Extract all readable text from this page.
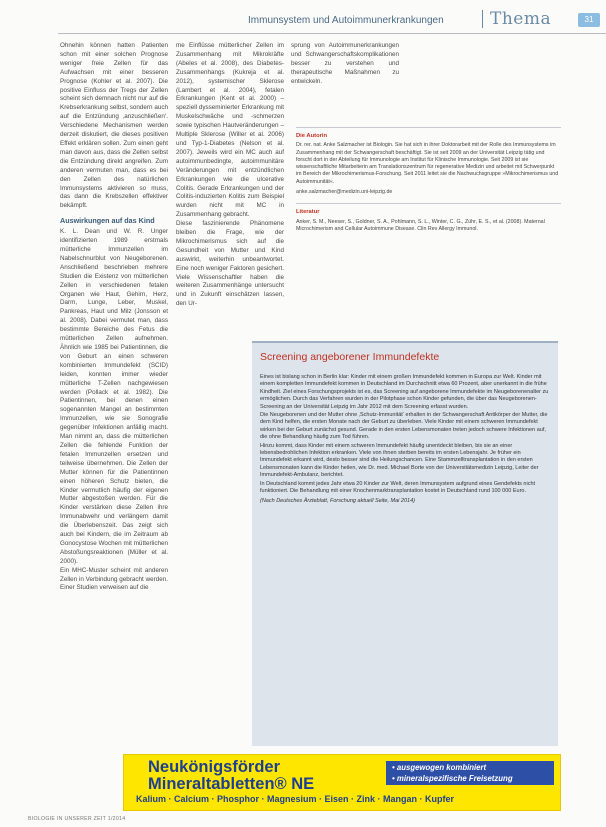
Immunsystem und Autoimmunerkrankungen	Thema	31

Ohnehin können hatten Patienten schon mit einer solchen Prognose weniger freie Zellen für das Aufwachsen mit einer besseren Prognose (Kohler et al. 2007). Die positive Einfluss der Tregs der Zellen scheint sich demnach nicht nur auf die Krebserkrankung selbst, sondern auch auf die Entzündung ‚anzuschließen‘. Verschiedene Mechanismen werden derzeit diskutiert, die dieses positiven Effekt erklären sollen. Zum einen geht man davon aus, dass die Zellen selbst die Entzündung direkt angreifen. Zum anderen vermuten man, dass es bei den Zellen des natürlichen Immunsystems aktivieren so muss, das dann die Krebszellen effektiver bekämpft.

Auswirkungen auf das Kind

K. L. Dean und W. R. Unger identifizierten 1989 erstmals mütterliche Immunzellen im Nabelschnurblut von Neugeborenen. Anschließend beschrieben mehrere Studien die Existenz von mütterlichen Zellen in verschiedenen fetalen Organen wie Haut, Gehirn, Herz, Darm, Lunge, Leber, Muskel, Pankreas, Haut und Milz (Jonsson et al. 2008). Dabei vermutet man, dass bestimmte Bereiche des Fetus die mütterlichen Zellen aufnehmen. Ähnlich wie 1985 bei Patientinnen, die von Geburt an einen schweren kombinierten Immundefekt (SCID) leiden, konnten immer wieder mütterliche T-Zellen nachgewiesen werden (Pollack et al. 1982). Die Patientinnen, bei denen einen sogenannten Mangel an bestimmten Immunzellen, wie sie Sonografie gegenüber Infektionen anfällig macht. Man nimmt an, dass die mütterlichen Zellen die fehlende Funktion der fetalen Immunzellen ersetzen und teilweise übernehmen. Die Zellen der Mutter können für die Patientinnen einen höheren Schutz bieten, die Kinder vermutlich häufig der eigenen Mutter abgestoßen werden. Für die Kinder verstärken diese Zellen ihre Immunabwehr und verlängern damit die Überlebenszeit. Das zeigt sich auch bei Kindern, die im Zeitraum ab Gonocystose Wochen mit mütterlichen Abstoßungsreaktionen (Müller et al. 2000).

Ein MHC-Muster scheint mit anderen Zellen in Verbindung gebracht werden. Einer Studien verweisen auf die

me Einflüsse mütterlicher Zellen im Zusammenhang mit Mikrokräfte (Abeles et al. 2008), des Diabetes-Zusammenhangs (Kukreja et al. 2012), systemischer Sklerose (Lambert et al. 2004), fetalen Erkrankungen (Kent et al. 2000) – speziell dysseminierter Erkrankung mit Muskelschwäche und -schmerzen sowie typischen Hautveränderungen – Multiple Sklerose (Willer et al. 2006) und Typ-1-Diabetes (Nelson et al. 2007). Jeweils wird ein MC auch auf autoimmunbedingte, autoimmunitäre Veränderungen mit entzündlichen Erkrankungen wie die ulcerative Colitis. Gerade Erkrankungen und der Colitis-induzierten Kolitis zum Beispiel wurden nicht mit MC in Zusammenhang gebracht.

Diese faszinierende Phänomene bleiben die Frage, wie der Mikrochimerismus sich auf die Gesundheit von Mutter und Kind auswirkt, weiterhin unbeantwortet. Eine noch weniger Faktoren gesichert. Viele Wissenschaftler haben die weiteren Zusammenhänge untersucht und in Zukunft einschätzen lassen, den Ur-

sprung von Autoimmunerkrankungen und Schwangerschaftskomplikationen besser zu verstehen und therapeutische Maßnahmen zu entwickeln.

Die Autorin
Dr. rer. nat. Anke Salzmacher ist Biologin. Sie hat sich in ihrer Doktorarbeit mit der Rolle des Immunsystems im Zusammenhang mit der Schwangerschaft beschäftigt. Sie ist seit 2009 an der Universität Leipzig tätig und forscht dort in der Abteilung für Immunologie am Institut für Klinische Immunologie. Seit 2009 ist sie wissenschaftliche Mitarbeiterin am Translationszentrum für regenerative Medizin und arbeitet mit Schwerpunkt im Bereich der Mikrochimerismus-Forschung. Seit 2011 leitet sie die Nachwuchsgruppe »Mikrochimerismus und Autoimmunität«.
anke.salzmacher@medizin.uni-leipzig.de
Literatur
Anker, S. M., Neeser, S., Goldner, S. A., Pohlmann, S. L., Winter, C. G., Zühr, E. S., et al. (2008). Maternal Microchimerism and Cellular Autoimmune Disease. Clin Rev Allergy Immunol.
Screening angeborener Immundefekte

Eines ist bislang schon in Berlin klar: Kinder mit einem großen Immundefekt kommen in Europa zur Welt. Kinder mit einem kompletten Immundefekt kommen in Deutschland im Durchschnitt etwa 60 Prozent, aber unerkannt in die frühe Kindheit. Ziel eines Forschungsprojekts ist es, das Screening auf angeborene Immundefekte im Neugeborenenalter zu ermöglichen. Durch das Verfahren wurden in der Pilotphase schon Kinder gefunden, die über das Neugeborenen-Screening an der Universität Leipzig im Jahr 2012 mit dem Screening erfasst wurden.

Die Neugeborenen und der Mutter ohne ‚Schutz-Immunität‘ erhalten in der Schwangerschaft Antikörper der Mutter, die dem Kind helfen, die ersten Monate nach der Geburt zu überleben. Viele Kinder mit einem schweren Immundefekt wirken bei der Geburt zunächst gesund. Gerade in den ersten Lebensmonaten treten jedoch schwere Infektionen auf, die ohne Behandlung häufig zum Tod führen.

Hinzu kommt, dass Kinder mit einem schweren Immundefekt häufig unentdeckt bleiben, bis sie an einer lebensbedrohlichen Infektion erkranken. Viele von ihnen sterben bereits im ersten Lebensjahr. Je früher ein Immundefekt erkannt wird, desto besser sind die Heilungschancen. Eine Stammzelltransplantation in den ersten Lebensmonaten kann die Kinder heilen, wie Dr. med. Michael Borte von der Universitätsmedizin Leipzig, Leiter der Immundefekt-Ambulanz, berichtet.

In Deutschland kommt jedes Jahr etwa 20 Kinder zur Welt, deren Immunsystem aufgrund eines Gendefekts nicht funktioniert. Die Behandlung mit einer Knochenmarktransplantation kostet in Deutschland rund 100 000 Euro.

(Nach Deutsches Ärzteblatt, Forschung aktuell Seite, Mai 2014)

Neukönigsförder
Mineraltabletten® NE
• ausgewogen kombiniert
• mineralspezifische Freisetzung
Kalium · Calcium · Phosphor · Magnesium · Eisen · Zink · Mangan · Kupfer
BIOLOGIE IN UNSERER ZEIT 1/2014
